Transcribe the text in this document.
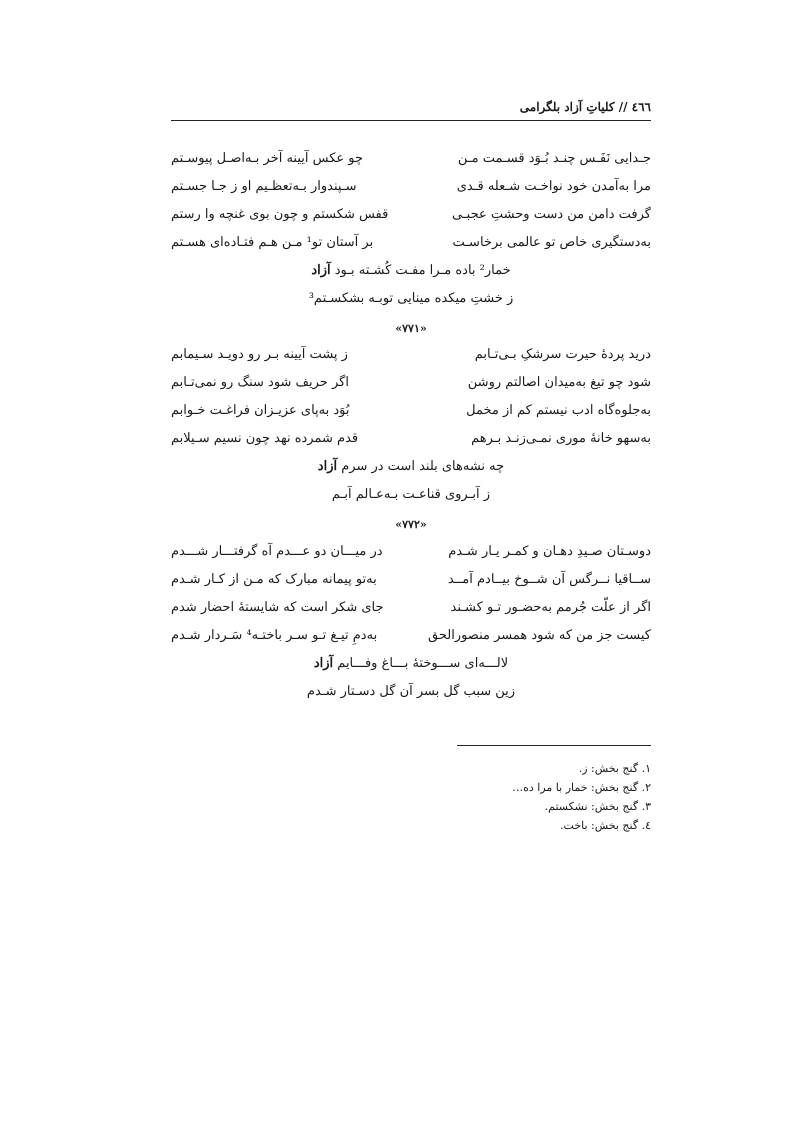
٤٦٦ // کلیاتِ آزاد بلگرامی
جـدایی نَفَـس چنـد بُـوَد قسـمت مـن
چو عکس آیینه آخر بـه‌اصـل پیوسـتم
مرا به‌آمدن خود نواخـت شـعله قـدی
سـپندوار بـه‌تعظـیم او ز جـا جسـتم
گرفت دامن من دست وحشتِ عجبـی
قفس شکستم و چون بوی غنچه وا رستم
به‌دستگیری خاص تو عالمی برخاسـت
بر آستان تو¹ مـن هـم فتـاده‌ای هسـتم
خمار² باده مـرا مفـت کُشـته بـود آزاد
ز خشتِ میکده مینایی توبـه بشکسـتم³
«۷۷۱»
درید پردهٔ حیرت سرشکِ بـی‌تـابم
ز پشت آیینه بـر رو دویـد سـیمابم
شود چو تیغ به‌میدان اصالتم روشن
اگر حریف شود سنگ رو نمی‌تـابم
به‌جلوه‌گاه ادب نیستم کم از مخمل
بُوَد به‌پای عزیـزان فراغـت خـوابم
به‌سهو خانهٔ موری نمـی‌زنـد بـرهم
قدم شمرده نهد چون نسیم سـیلابم
چه نشه‌های بلند است در سرم آزاد
ز آبـروی قناعـت بـه‌عـالم آبـم
«۷۷۲»
دوسـتان صـیدِ دهـان و کمـر یـار شـدم
در میـــان دو عـــدم آه گرفتـــار شـــدم
ســاقیا نــرگس آن شــوخ بیــادم آمــد
به‌تو پیمانه مبارک که مـن از کـار شـدم
اگر از علّت جُرمم به‌حضـور تـو کشـند
جای شکر است که شایستهٔ احضار شدم
کیست جز من که شود همسر منصورالحق
به‌دمِ تیـغ تـو سـر باختـه⁴ سَـردار شـدم
لالـــه‌ای ســـوختهٔ بـــاغ وفـــایم آزاد
زین سبب گل بسر آن گل دسـتار شـدم
١. گنج بخش: ز.
٢. گنج بخش: خمار با مرا ده…
٣. گنج بخش: نشکستم.
٤. گنج بخش: باخت.
